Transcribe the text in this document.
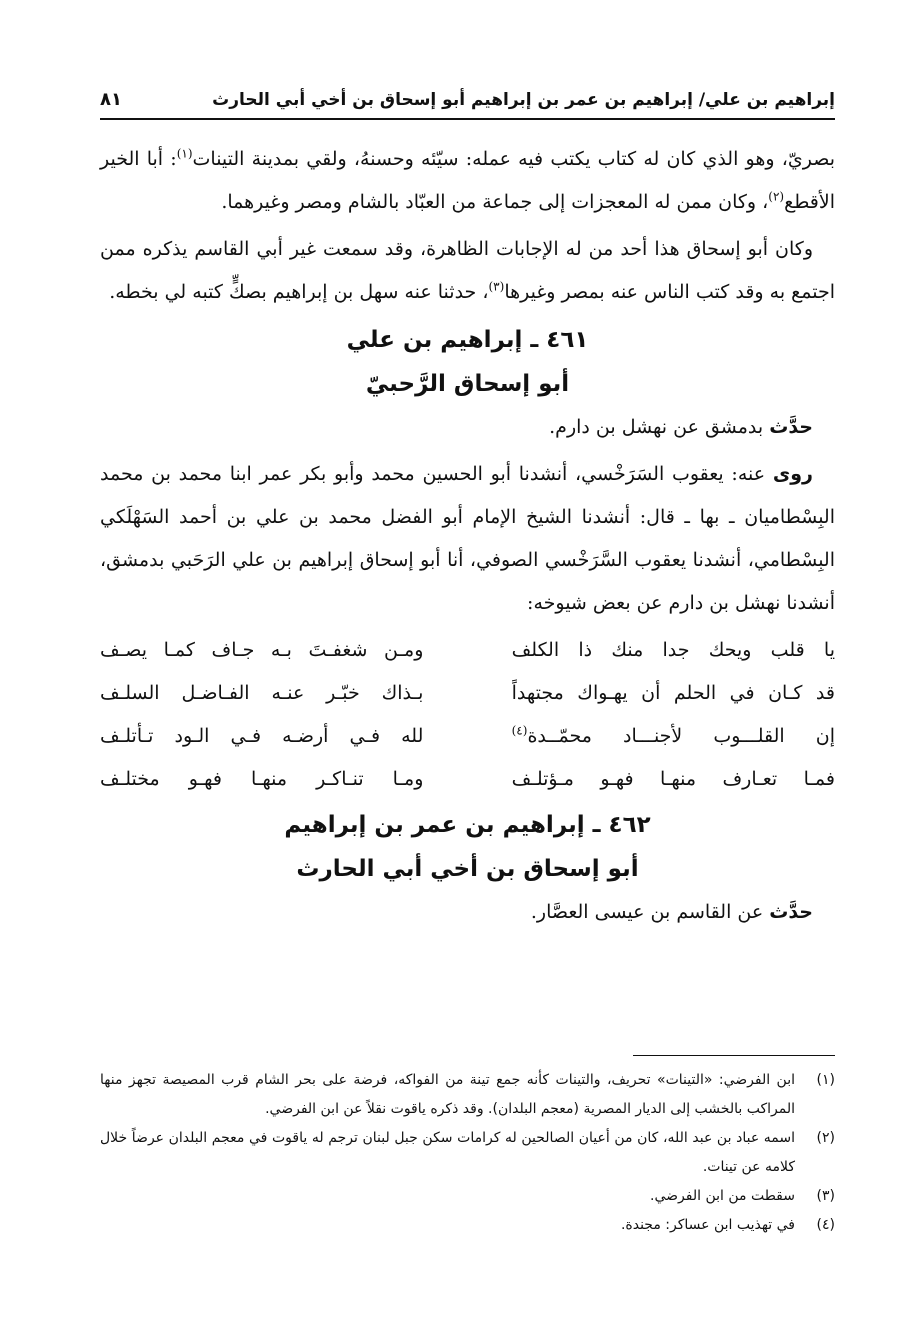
إبراهيم بن علي/ إبراهيم بن عمر بن إبراهيم أبو إسحاق بن أخي أبي الحارث
٨١

بصريّ، وهو الذي كان له كتاب يكتب فيه عمله: سيّئه وحسنهُ، ولقي بمدينة التينات$^{(١)}$: أبا الخير الأقطع$^{(٢)}$، وكان ممن له المعجزات إلى جماعة من العبّاد بالشام ومصر وغيرهما.

وكان أبو إسحاق هذا أحد من له الإجابات الظاهرة، وقد سمعت غير أبي القاسم يذكره ممن اجتمع به وقد كتب الناس عنه بمصر وغيرها$^{(٣)}$، حدثنا عنه سهل بن إبراهيم بصكٍّ كتبه لي بخطه.

٤٦١ ـ إبراهيم بن علي
أبو إسحاق الرَّحبيّ

حدَّث بدمشق عن نهشل بن دارم.

روى عنه: يعقوب السَرَخْسي، أنشدنا أبو الحسين محمد وأبو بكر عمر ابنا محمد بن محمد البِسْطاميان ـ بها ـ قال: أنشدنا الشيخ الإمام أبو الفضل محمد بن علي بن أحمد السَهْلَكي البِسْطامي، أنشدنا يعقوب السَّرَخْسي الصوفي، أنا أبو إسحاق إبراهيم بن علي الرَحَبي بدمشق، أنشدنا نهشل بن دارم عن بعض شيوخه:

يا قلب ويحك جدا منك ذا الكلف
ومـن شغفـتَ بـه جـاف كمـا يصـف
قد كـان في الحلم أن يهـواك مجتهداً
بـذاك خبّـر عنـه الفـاضـل السلـف
إن القلـــوب لأجنـــاد محمّــدة$^{(٤)}$
لله فـي أرضـه فـي الـود تـأتلـف
فمـا تعـارف منهـا فهـو مـؤتلـف
ومـا تنـاكـر منهـا فهـو مختلـف
٤٦٢ ـ إبراهيم بن عمر بن إبراهيم
أبو إسحاق بن أخي أبي الحارث

حدَّث عن القاسم بن عيسى العصَّار.

(١)
ابن الفرضي: «التينات» تحريف، والتينات كأنه جمع تينة من الفواكه، فرضة على بحر الشام قرب المصيصة تجهز منها المراكب بالخشب إلى الديار المصرية (معجم البلدان). وقد ذكره ياقوت نقلاً عن ابن الفرضي.
(٢)
اسمه عباد بن عبد الله، كان من أعيان الصالحين له كرامات سكن جبل لبنان ترجم له ياقوت في معجم البلدان عرضاً خلال كلامه عن تينات.
(٣)
سقطت من ابن الفرضي.
(٤)
في تهذيب ابن عساكر: مجندة.
